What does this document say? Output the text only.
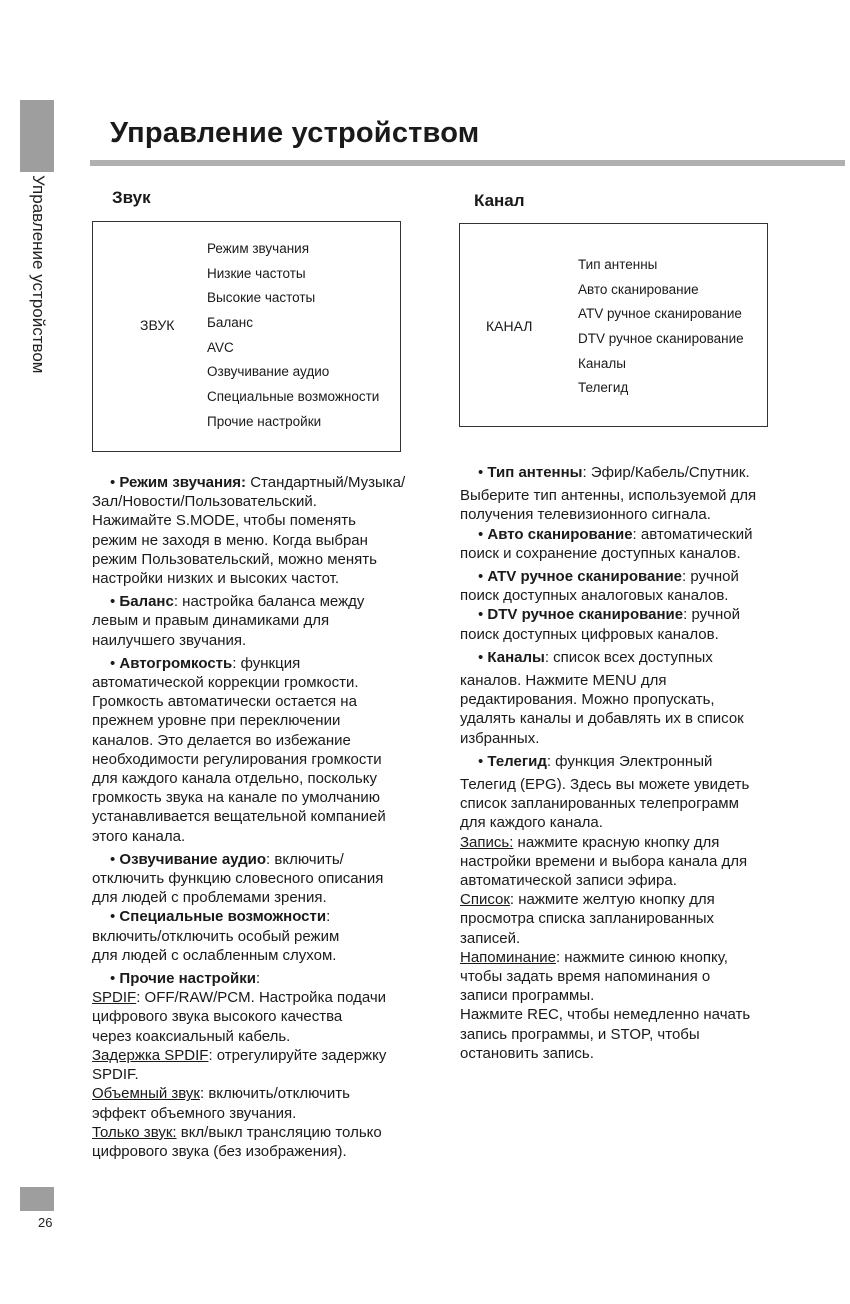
Управление устройством
26
Управление устройством
Звук
ЗВУК
Режим звучания
Низкие частоты
Высокие частоты
Баланс
AVC
Озвучивание аудио
Специальные возможности
Прочие настройки
Канал
КАНАЛ
Тип антенны
Авто сканирование
ATV ручное сканирование
DTV ручное сканирование
Каналы
Телегид

• Режим звучания: Стандартный/Музыка/

Зал/Новости/Пользовательский.

Нажимайте S.MODE, чтобы поменять

режим не заходя в меню. Когда выбран

режим Пользовательский, можно менять

настройки низких и высоких частот.

• Баланс: настройка баланса между

левым и правым динамиками для

наилучшего звучания.

• Автогромкость: функция

автоматической коррекции громкости.

Громкость автоматически остается на

прежнем уровне при переключении

каналов. Это делается во избежание

необходимости регулирования громкости

для каждого канала отдельно, поскольку

громкость звука на канале по умолчанию

устанавливается вещательной компанией

этого канала.

• Озвучивание аудио: включить/

отключить функцию словесного описания

для людей с проблемами зрения.

• Специальные возможности:

включить/отключить особый режим

для людей с ослабленным слухом.

• Прочие настройки:

SPDIF: OFF/RAW/PCM. Настройка подачи

цифрового звука высокого качества

через коаксиальный кабель.

Задержка SPDIF: отрегулируйте задержку

SPDIF.

Объемный звук: включить/отключить

эффект объемного звучания.

Только звук: вкл/выкл трансляцию только

цифрового звука (без изображения).

• Тип антенны: Эфир/Кабель/Спутник.

Выберите тип антенны, используемой для

получения телевизионного сигнала.

• Авто сканирование: автоматический

поиск и сохранение доступных каналов.

• ATV ручное сканирование: ручной

поиск доступных аналоговых каналов.

• DTV ручное сканирование: ручной

поиск доступных цифровых каналов.

• Каналы: список всех доступных

каналов. Нажмите MENU для

редактирования. Можно пропускать,

удалять каналы и добавлять их в список

избранных.

• Телегид: функция Электронный

Телегид (EPG). Здесь вы можете увидеть

список запланированных телепрограмм

для каждого канала.

Запись: нажмите красную кнопку для

настройки времени и выбора канала для

автоматической записи эфира.

Список: нажмите желтую кнопку для

просмотра списка запланированных

записей.

Напоминание: нажмите синюю кнопку,

чтобы задать время напоминания о

записи программы.

Нажмите REC, чтобы немедленно начать

запись программы, и STOP, чтобы

остановить запись.
